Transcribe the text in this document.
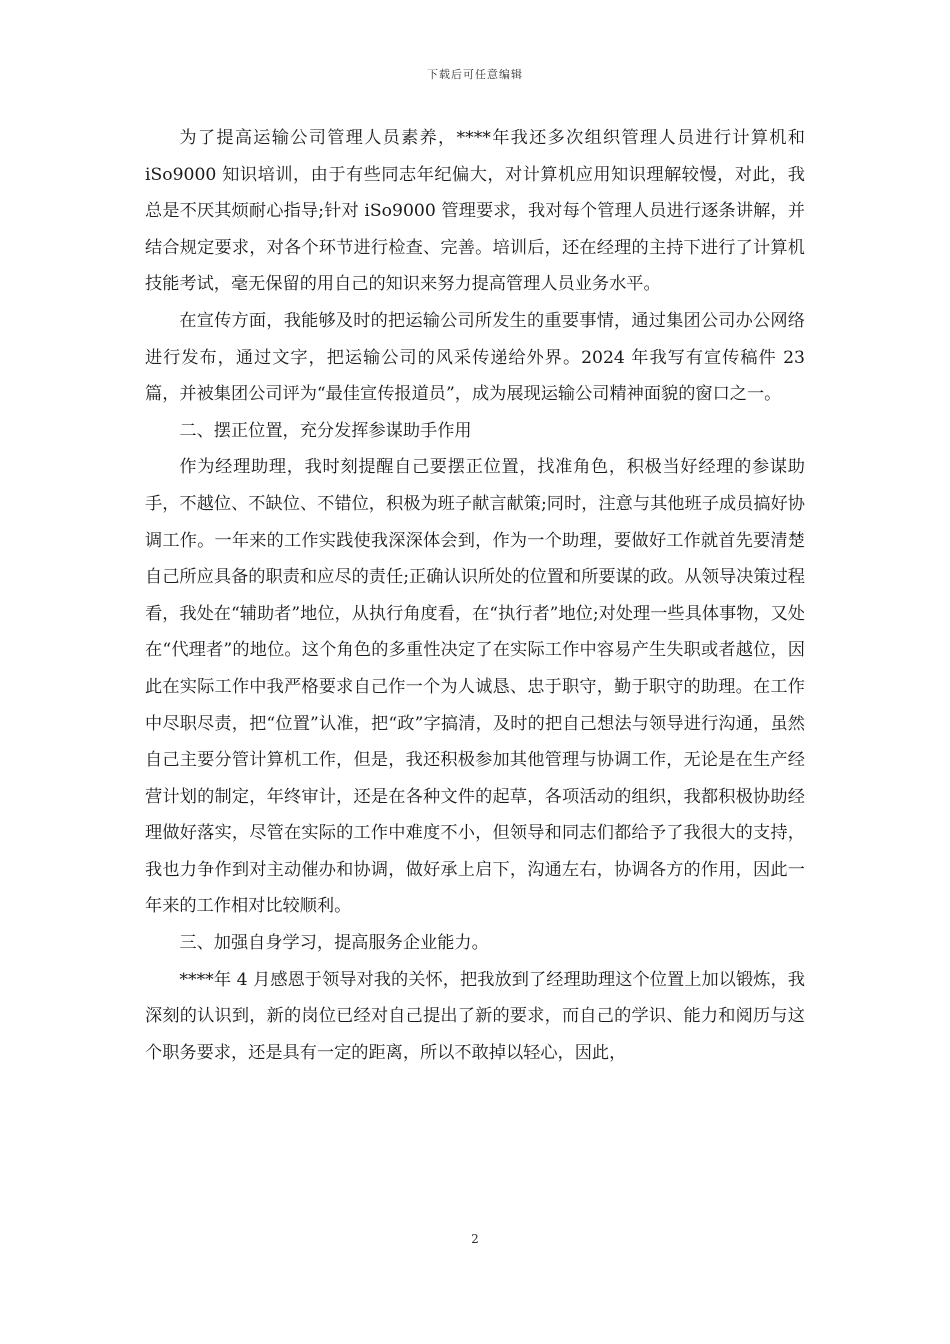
下载后可任意编辑

为了提高运输公司管理人员素养，****年我还多次组织管理人员进行计算机和 iSo9000 知识培训，由于有些同志年纪偏大，对计算机应用知识理解较慢，对此，我总是不厌其烦耐心指导;针对 iSo9000 管理要求，我对每个管理人员进行逐条讲解，并结合规定要求，对各个环节进行检查、完善。培训后，还在经理的主持下进行了计算机技能考试，毫无保留的用自己的知识来努力提高管理人员业务水平。

在宣传方面，我能够及时的把运输公司所发生的重要事情，通过集团公司办公网络进行发布，通过文字，把运输公司的风采传递给外界。2024 年我写有宣传稿件 23 篇，并被集团公司评为“最佳宣传报道员”，成为展现运输公司精神面貌的窗口之一。

二、摆正位置，充分发挥参谋助手作用

作为经理助理，我时刻提醒自己要摆正位置，找准角色，积极当好经理的参谋助手，不越位、不缺位、不错位，积极为班子献言献策;同时，注意与其他班子成员搞好协调工作。一年来的工作实践使我深深体会到，作为一个助理，要做好工作就首先要清楚自己所应具备的职责和应尽的责任;正确认识所处的位置和所要谋的政。从领导决策过程看，我处在“辅助者”地位，从执行角度看，在“执行者”地位;对处理一些具体事物，又处在“代理者”的地位。这个角色的多重性决定了在实际工作中容易产生失职或者越位，因此在实际工作中我严格要求自己作一个为人诚恳、忠于职守，勤于职守的助理。在工作中尽职尽责，把“位置”认准，把“政”字搞清，及时的把自己想法与领导进行沟通，虽然自己主要分管计算机工作，但是，我还积极参加其他管理与协调工作，无论是在生产经营计划的制定，年终审计，还是在各种文件的起草，各项活动的组织，我都积极协助经理做好落实，尽管在实际的工作中难度不小，但领导和同志们都给予了我很大的支持，我也力争作到对主动催办和协调，做好承上启下，沟通左右，协调各方的作用，因此一年来的工作相对比较顺利。

三、加强自身学习，提高服务企业能力。

****年 4 月感恩于领导对我的关怀，把我放到了经理助理这个位置上加以锻炼，我深刻的认识到，新的岗位已经对自己提出了新的要求，而自己的学识、能力和阅历与这个职务要求，还是具有一定的距离，所以不敢掉以轻心，因此，

2
